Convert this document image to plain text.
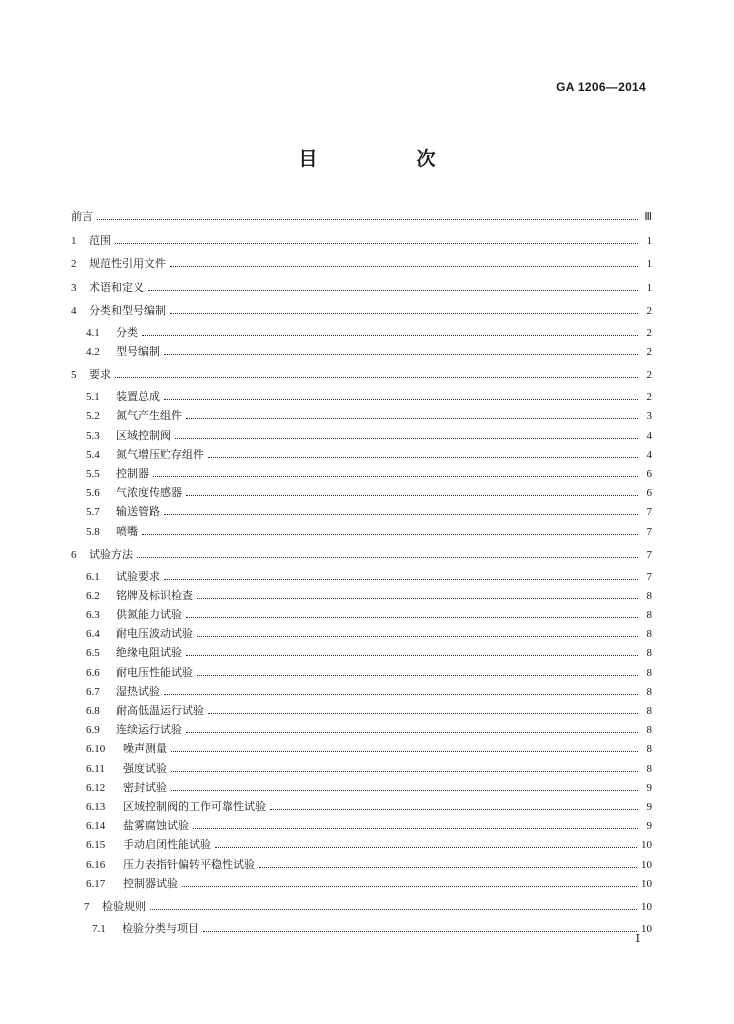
GA 1206—2014
目　次
前言	Ⅲ
1	范围	1
2	规范性引用文件	1
3	术语和定义	1
4	分类和型号编制	2
4.1	分类	2
4.2	型号编制	2
5	要求	2
5.1	装置总成	2
5.2	氮气产生组件	3
5.3	区域控制阀	4
5.4	氮气增压贮存组件	4
5.5	控制器	6
5.6	气浓度传感器	6
5.7	输送管路	7
5.8	喷嘴	7
6	试验方法	7
6.1	试验要求	7
6.2	铭牌及标识检查	8
6.3	供氮能力试验	8
6.4	耐电压波动试验	8
6.5	绝缘电阻试验	8
6.6	耐电压性能试验	8
6.7	湿热试验	8
6.8	耐高低温运行试验	8
6.9	连续运行试验	8
6.10	噪声测量	8
6.11	强度试验	8
6.12	密封试验	9
6.13	区域控制阀的工作可靠性试验	9
6.14	盐雾腐蚀试验	9
6.15	手动启闭性能试验	10
6.16	压力表指针偏转平稳性试验	10
6.17	控制器试验	10
7	检验规则	10
7.1	检验分类与项目	10
I
